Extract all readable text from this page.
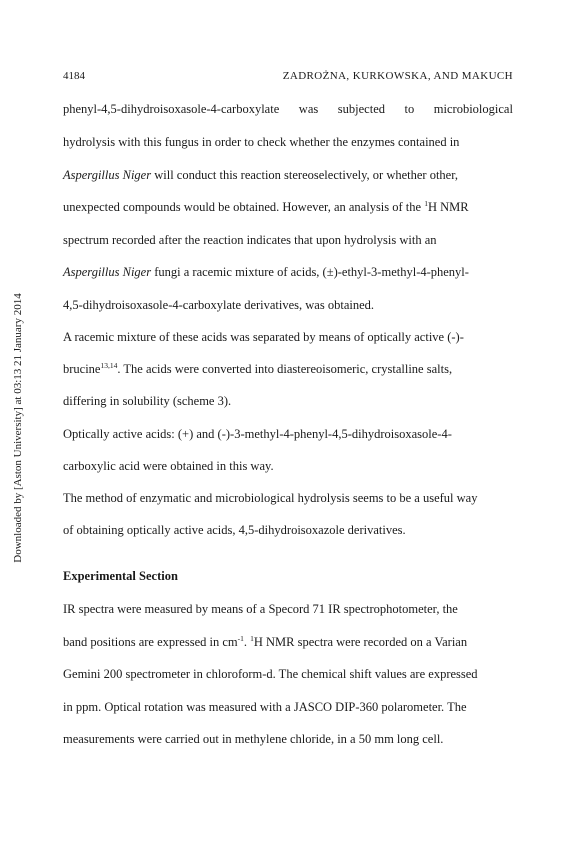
4184	ZADROŻNA, KURKOWSKA, AND MAKUCH
Downloaded by [Aston University] at 03:13 21 January 2014
phenyl-4,5-dihydroisoxasole-4-carboxylate was subjected to microbiological
hydrolysis with this fungus in order to check whether the enzymes contained in
Aspergillus Niger will conduct this reaction stereoselectively, or whether other,
unexpected compounds would be obtained. However, an analysis of the $^1$H NMR
spectrum recorded after the reaction indicates that upon hydrolysis with an
Aspergillus Niger fungi a racemic mixture of acids, (±)-ethyl-3-methyl-4-phenyl-
4,5-dihydroisoxasole-4-carboxylate derivatives, was obtained.
A racemic mixture of these acids was separated by means of optically active (-)-
brucine$^{13,14}$. The acids were converted into diastereoisomeric, crystalline salts,
differing in solubility (scheme 3).
Optically active acids: (+) and (-)-3-methyl-4-phenyl-4,5-dihydroisoxasole-4-
carboxylic acid were obtained in this way.
The method of enzymatic and microbiological hydrolysis seems to be a useful way
of obtaining optically active acids, 4,5-dihydroisoxazole derivatives.
Experimental Section
IR spectra were measured by means of a Specord 71 IR spectrophotometer, the
band positions are expressed in $cm^{-1}$. $^1$H NMR spectra were recorded on a Varian
Gemini 200 spectrometer in chloroform-d. The chemical shift values are expressed
in ppm. Optical rotation was measured with a JASCO DIP-360 polarometer. The
measurements were carried out in methylene chloride, in a 50 mm long cell.
